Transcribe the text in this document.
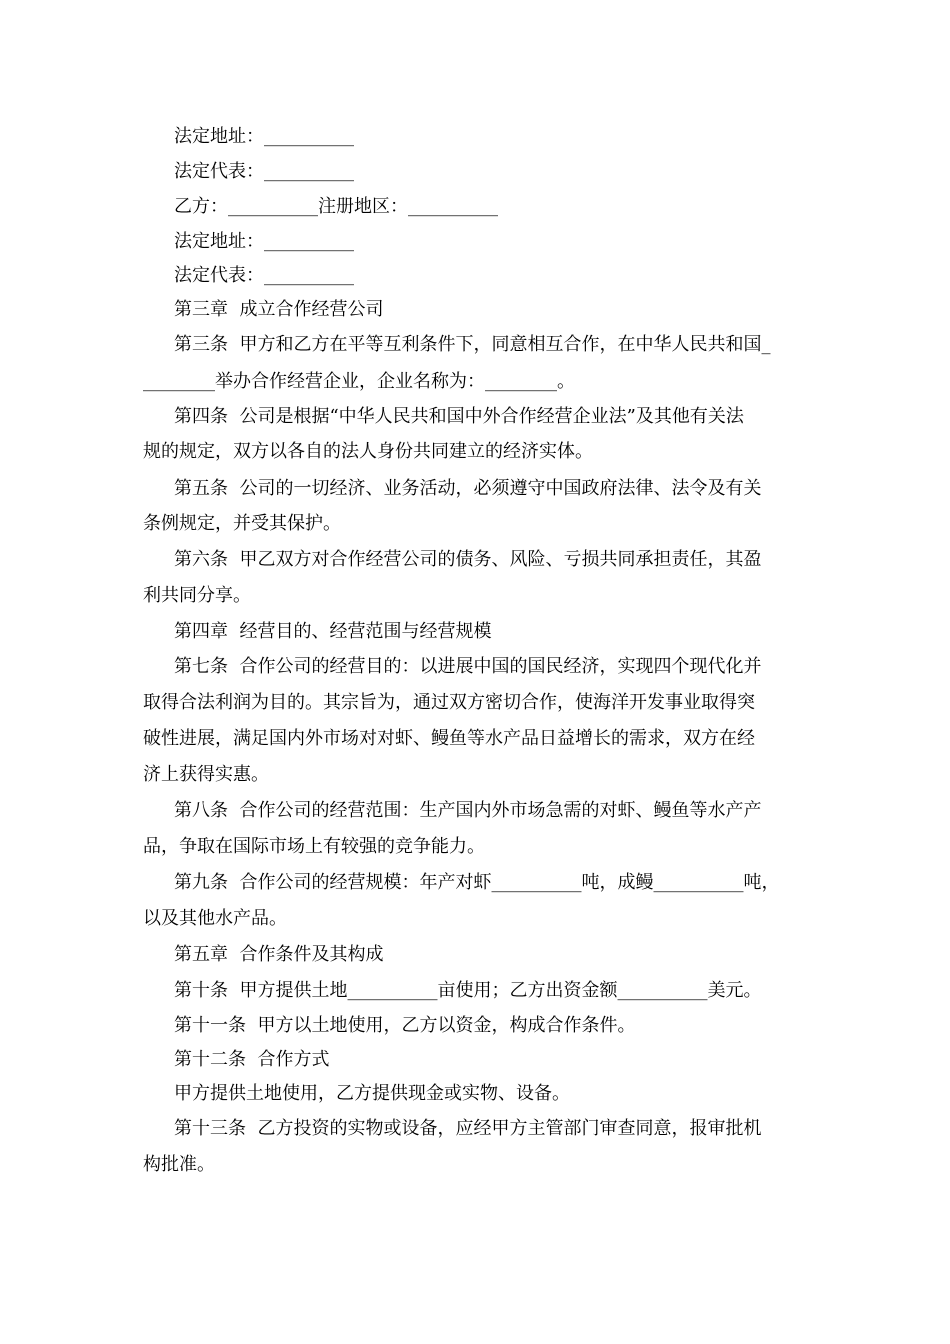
法定地址：__________
法定代表：__________
乙方：__________注册地区：__________
法定地址：__________
法定代表：__________
第三章  成立合作经营公司
第三条  甲方和乙方在平等互利条件下，同意相互合作，在中华人民共和国_
________举办合作经营企业，企业名称为：________。
第四条  公司是根据“中华人民共和国中外合作经营企业法”及其他有关法
规的规定，双方以各自的法人身份共同建立的经济实体。
第五条  公司的一切经济、业务活动，必须遵守中国政府法律、法令及有关
条例规定，并受其保护。
第六条  甲乙双方对合作经营公司的债务、风险、亏损共同承担责任，其盈
利共同分享。
第四章  经营目的、经营范围与经营规模
第七条  合作公司的经营目的：以进展中国的国民经济，实现四个现代化并
取得合法利润为目的。其宗旨为，通过双方密切合作，使海洋开发事业取得突
破性进展，满足国内外市场对对虾、鳗鱼等水产品日益增长的需求，双方在经
济上获得实惠。
第八条  合作公司的经营范围：生产国内外市场急需的对虾、鳗鱼等水产产
品，争取在国际市场上有较强的竞争能力。
第九条  合作公司的经营规模：年产对虾__________吨，成鳗__________吨，
以及其他水产品。
第五章  合作条件及其构成
第十条  甲方提供土地__________亩使用；乙方出资金额__________美元。
第十一条  甲方以土地使用，乙方以资金，构成合作条件。
第十二条  合作方式
甲方提供土地使用，乙方提供现金或实物、设备。
第十三条  乙方投资的实物或设备，应经甲方主管部门审查同意，报审批机
构批准。
